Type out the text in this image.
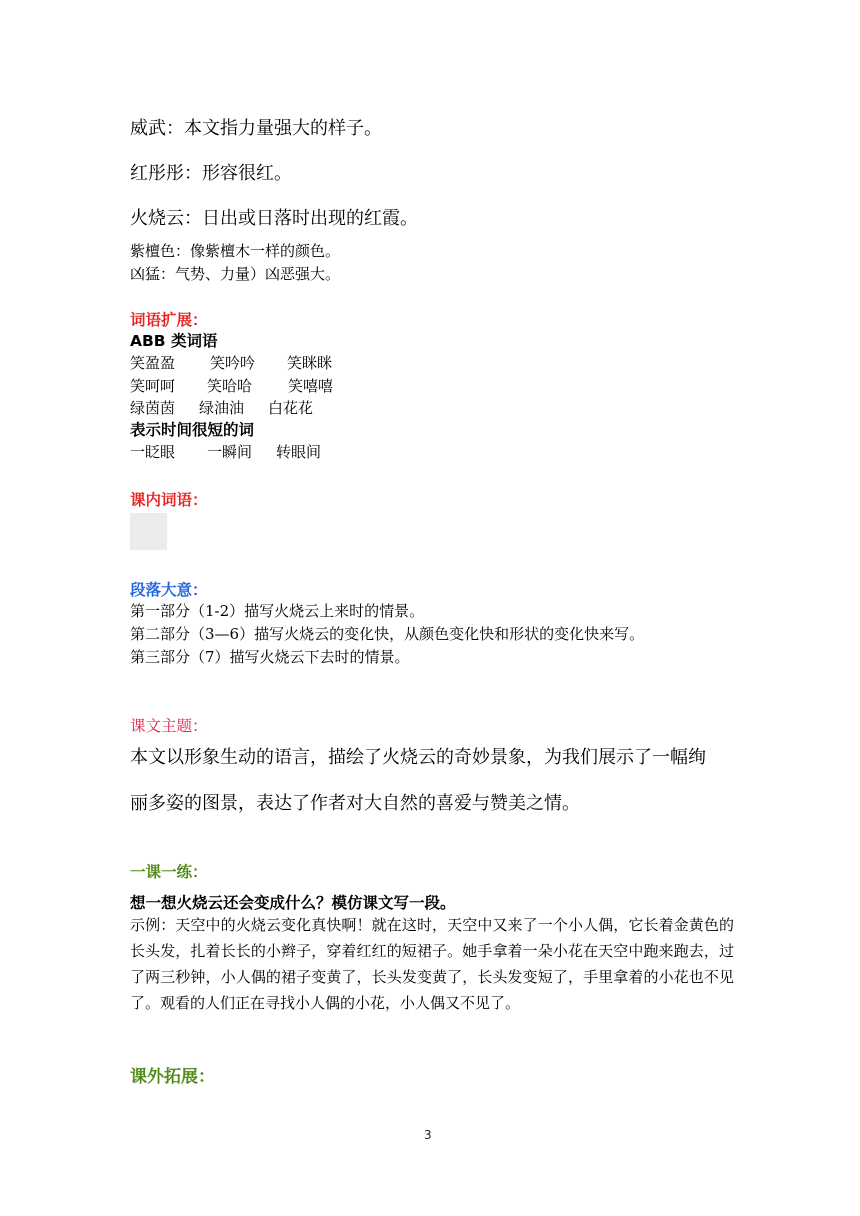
威武：本文指力量强大的样子。
红彤彤：形容很红。
火烧云：日出或日落时出现的红霞。
紫檀色：像紫檀木一样的颜色。
凶猛：气势、力量）凶恶强大。
词语扩展：
ABB 类词语
笑盈盈 笑吟吟 笑眯眯
笑呵呵 笑哈哈 笑嘻嘻
绿茵茵 绿油油 白花花
表示时间很短的词
一眨眼 一瞬间 转眼间
课内词语：
段落大意：
第一部分（1-2）描写火烧云上来时的情景。
第二部分（3—6）描写火烧云的变化快，从颜色变化快和形状的变化快来写。
第三部分（7）描写火烧云下去时的情景。
课文主题：
本文以形象生动的语言，描绘了火烧云的奇妙景象，为我们展示了一幅绚
丽多姿的图景，表达了作者对大自然的喜爱与赞美之情。
一课一练：
想一想火烧云还会变成什么？模仿课文写一段。
示例：天空中的火烧云变化真快啊！就在这时，天空中又来了一个小人偶，它长着金黄色的长头发，扎着长长的小辫子，穿着红红的短裙子。她手拿着一朵小花在天空中跑来跑去，过了两三秒钟，小人偶的裙子变黄了，长头发变黄了，长头发变短了，手里拿着的小花也不见了。观看的人们正在寻找小人偶的小花，小人偶又不见了。
课外拓展：
3
